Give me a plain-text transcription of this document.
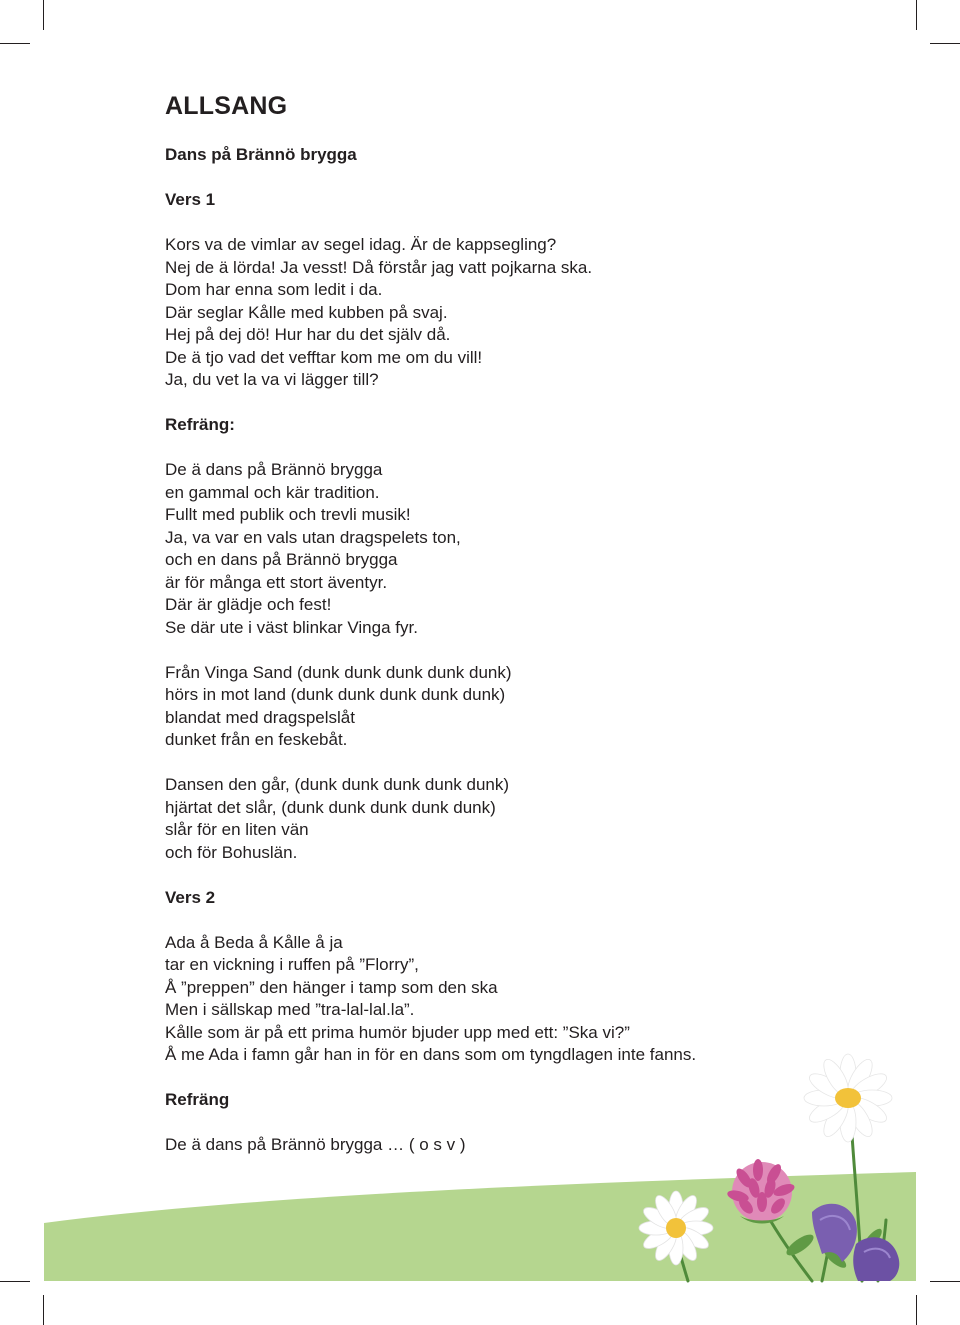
ALLSANG

Dans på Brännö brygga

Vers 1

Kors va de vimlar av segel idag. Är de kappsegling?
Nej de ä lörda! Ja vesst! Då förstår jag vatt pojkarna ska.
Dom har enna som ledit i da.
Där seglar Kålle med kubben på svaj.
Hej på dej dö! Hur har du det själv då.
De ä tjo vad det vefftar kom me om du vill!
Ja, du vet la va vi lägger till?

Refräng:

De ä dans på Brännö brygga
en gammal och kär tradition.
Fullt med publik och trevli musik!
Ja, va var en vals utan dragspelets ton,
och en dans på Brännö brygga
är för många ett stort äventyr.
Där är glädje och fest!
Se där ute i väst blinkar Vinga fyr.

Från Vinga Sand (dunk dunk dunk dunk dunk)
hörs in mot land (dunk dunk dunk dunk dunk)
blandat med dragspelslåt
dunket från en feskebåt.

Dansen den går, (dunk dunk dunk dunk dunk)
hjärtat det slår, (dunk dunk dunk dunk dunk)
slår för en liten vän
och för Bohuslän.

Vers 2

Ada å Beda å Kålle å ja
tar en vickning i ruffen på ”Florry”,
Å ”preppen” den hänger i tamp som den ska
Men i sällskap med ”tra-lal-lal.la”.
Kålle som är på ett prima humör bjuder upp med ett: ”Ska vi?”
Å me Ada i famn går han in för en dans som om tyngdlagen inte fanns.

Refräng

De ä dans på Brännö brygga … ( o s v )
